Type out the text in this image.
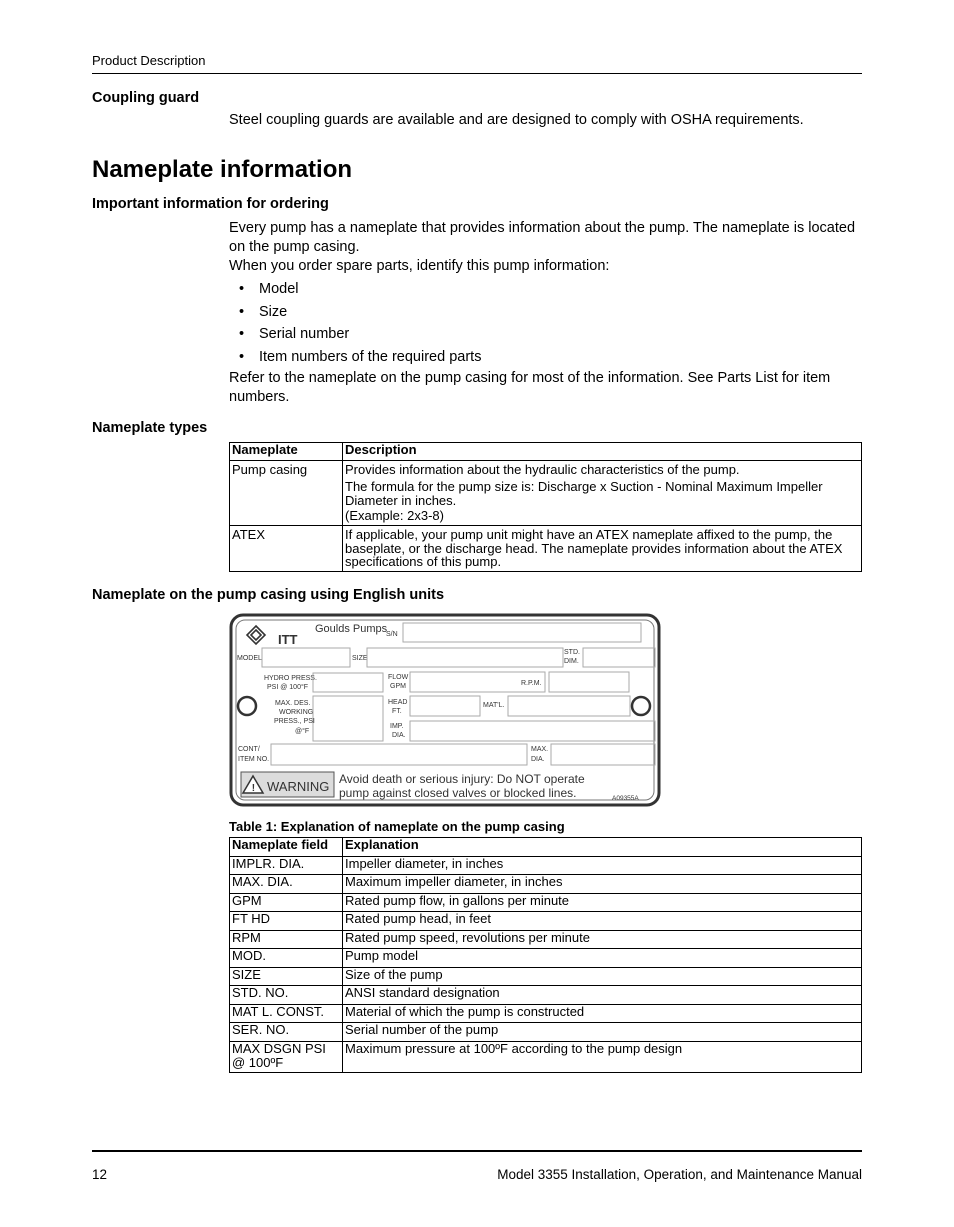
Product Description
Coupling guard
Steel coupling guards are available and are designed to comply with OSHA requirements.
Nameplate information
Important information for ordering
Every pump has a nameplate that provides information about the pump. The nameplate is located on the pump casing.
When you order spare parts, identify this pump information:
• Model
• Size
• Serial number
• Item numbers of the required parts
Refer to the nameplate on the pump casing for most of the information. See Parts List for item numbers.
Nameplate types
Nameplate	Description
Pump casing	Provides information about the hydraulic characteristics of the pump.
The formula for the pump size is: Discharge x Suction - Nominal Maximum Impeller Diameter in inches.
(Example: 2x3-8)

ATEX	If applicable, your pump unit might have an ATEX nameplate affixed to the pump, the baseplate, or the discharge head. The nameplate provides information about the ATEX specifications of this pump.
Nameplate on the pump casing using English units
ITT
Goulds Pumps
S/N
MODEL	SIZE
STD.
DIM.
HYDRO PRESS.
PSI @ 100°F
FLOW
GPM	R.P.M.
MAX. DES.
WORKING
PRESS., PSI
@°F
HEAD
FT.
MAT'L.
IMP.
DIA.
CONT/
ITEM NO.
MAX.
DIA.
! WARNING Avoid death or serious injury: Do NOT operate
pump against closed valves or blocked lines.	A09355A
Table 1: Explanation of nameplate on the pump casing
Nameplate field	Explanation
IMPLR. DIA.	Impeller diameter, in inches
MAX. DIA.	Maximum impeller diameter, in inches
GPM	Rated pump flow, in gallons per minute
FT HD	Rated pump head, in feet
RPM	Rated pump speed, revolutions per minute
MOD.	Pump model
SIZE	Size of the pump
STD. NO.	ANSI standard designation
MAT L. CONST.	Material of which the pump is constructed
SER. NO.	Serial number of the pump
MAX DSGN PSI @ 100ºF	Maximum pressure at 100ºF according to the pump design
12	Model 3355 Installation, Operation, and Maintenance Manual
